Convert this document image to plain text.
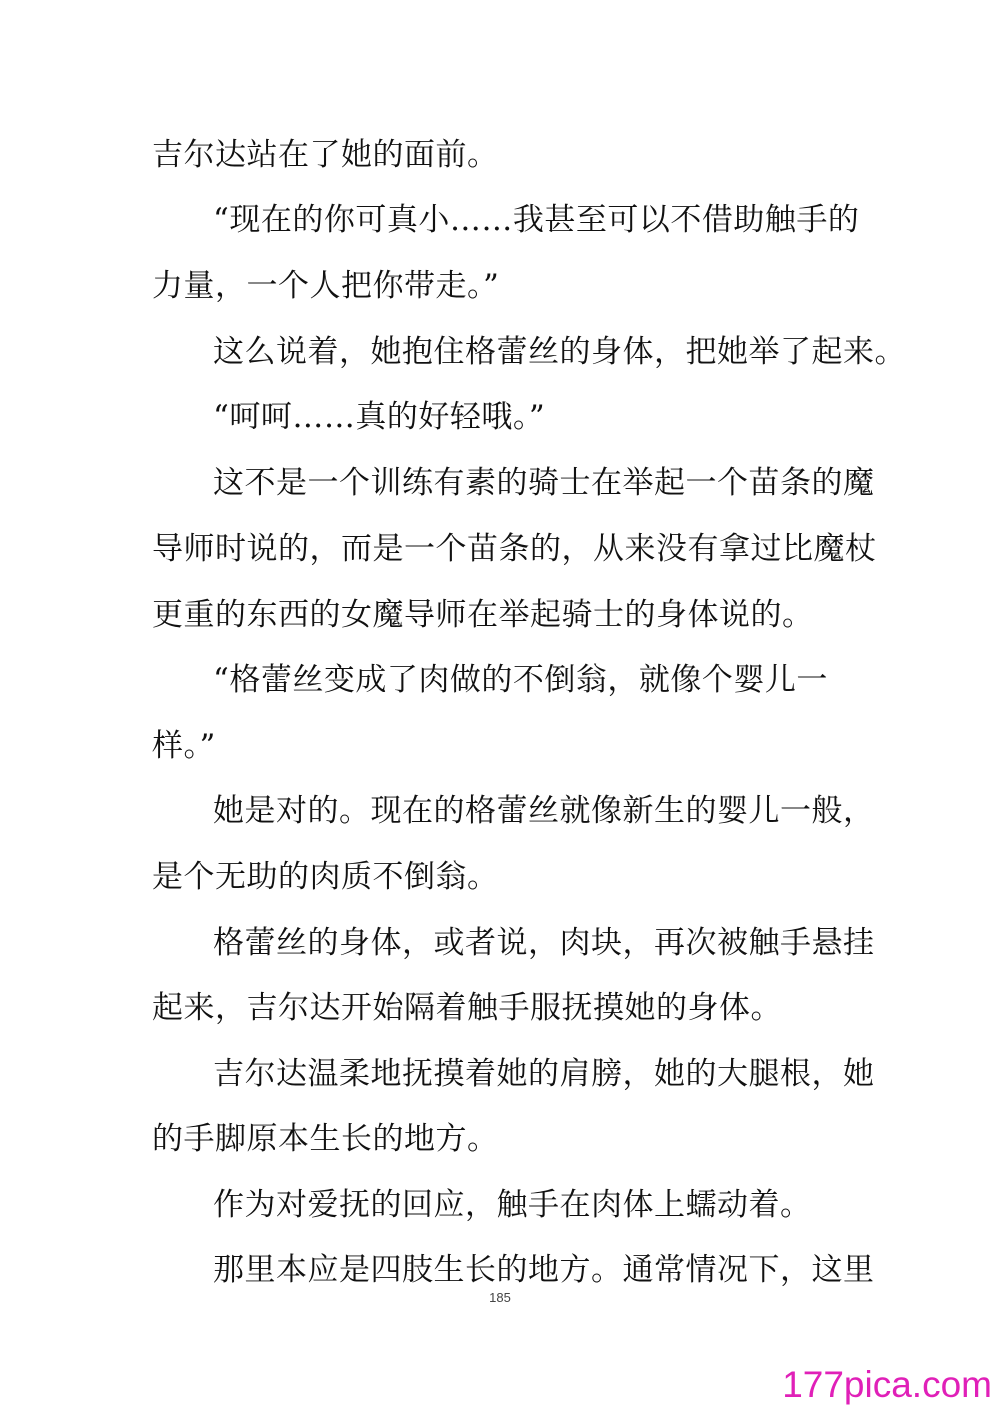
吉尔达站在了她的面前。

“现在的你可真小……我甚至可以不借助触手的

力量，一个人把你带走。”

这么说着，她抱住格蕾丝的身体，把她举了起来。

“呵呵……真的好轻哦。”

这不是一个训练有素的骑士在举起一个苗条的魔

导师时说的，而是一个苗条的，从来没有拿过比魔杖

更重的东西的女魔导师在举起骑士的身体说的。

“格蕾丝变成了肉做的不倒翁，就像个婴儿一

样。”

她是对的。现在的格蕾丝就像新生的婴儿一般，

是个无助的肉质不倒翁。

格蕾丝的身体，或者说，肉块，再次被触手悬挂

起来，吉尔达开始隔着触手服抚摸她的身体。

吉尔达温柔地抚摸着她的肩膀，她的大腿根，她

的手脚原本生长的地方。

作为对爱抚的回应，触手在肉体上蠕动着。

那里本应是四肢生长的地方。通常情况下，这里

185
177pica.com
